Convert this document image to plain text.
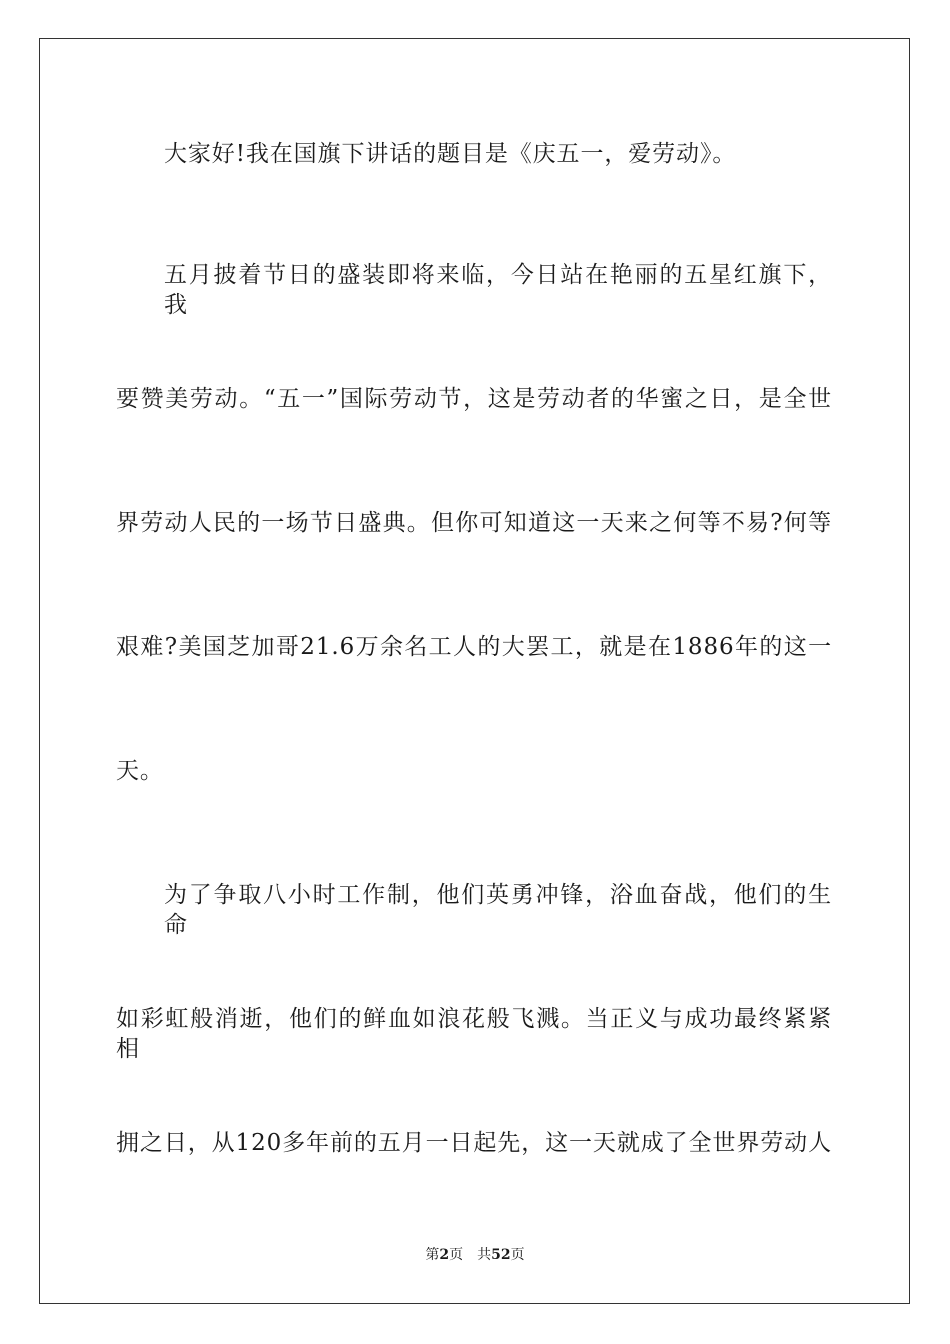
大家好!我在国旗下讲话的题目是《庆五一，爱劳动》。
五月披着节日的盛装即将来临，今日站在艳丽的五星红旗下，我
要赞美劳动。“五一”国际劳动节，这是劳动者的华蜜之日，是全世
界劳动人民的一场节日盛典。但你可知道这一天来之何等不易?何等
艰难?美国芝加哥21.6万余名工人的大罢工，就是在1886年的这一
天。
为了争取八小时工作制，他们英勇冲锋，浴血奋战，他们的生命
如彩虹般消逝，他们的鲜血如浪花般飞溅。当正义与成功最终紧紧相
拥之日，从120多年前的五月一日起先，这一天就成了全世界劳动人
第2页 共52页
